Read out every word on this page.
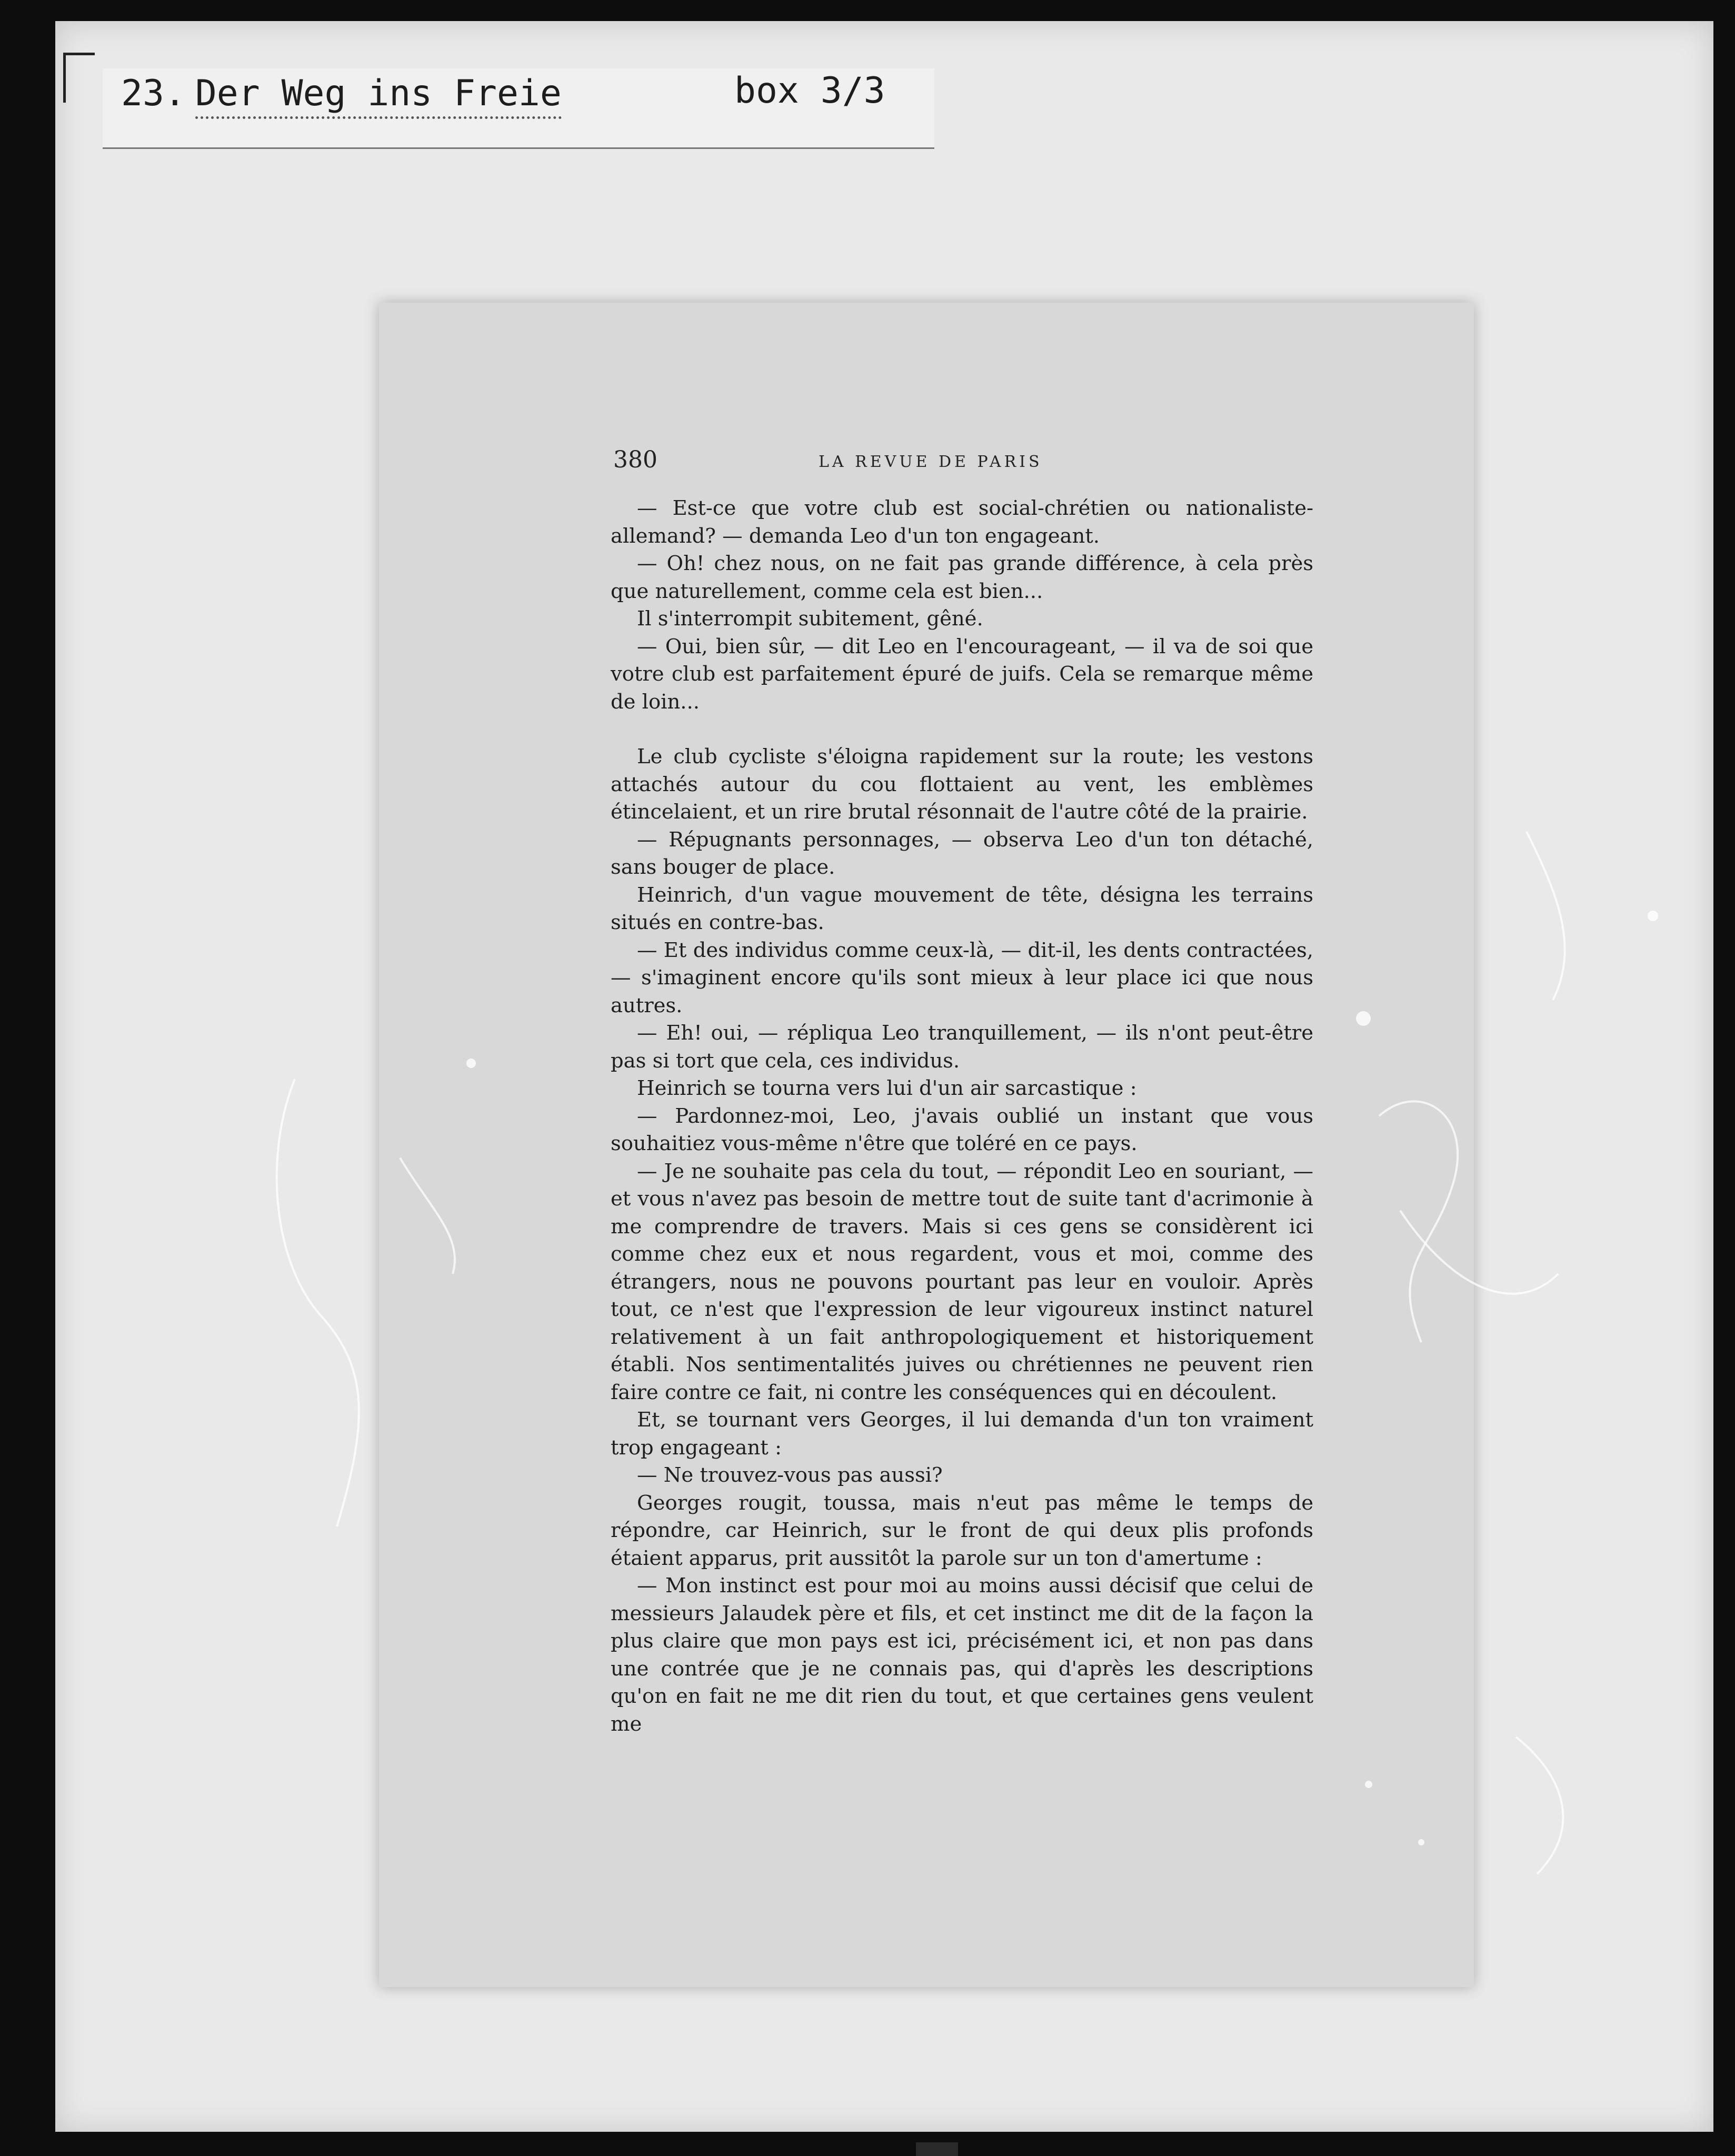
23. Der Weg ins Freie	box 3/3
380	LA REVUE DE PARIS

— Est-ce que votre club est social-chrétien ou nationaliste-allemand? — demanda Leo d'un ton engageant.

— Oh! chez nous, on ne fait pas grande différence, à cela près que naturellement, comme cela est bien...

Il s'interrompit subitement, gêné.

— Oui, bien sûr, — dit Leo en l'encourageant, — il va de soi que votre club est parfaitement épuré de juifs. Cela se remarque même de loin...

Le club cycliste s'éloigna rapidement sur la route; les vestons attachés autour du cou flottaient au vent, les emblèmes étincelaient, et un rire brutal résonnait de l'autre côté de la prairie.

— Répugnants personnages, — observa Leo d'un ton détaché, sans bouger de place.

Heinrich, d'un vague mouvement de tête, désigna les terrains situés en contre-bas.

— Et des individus comme ceux-là, — dit-il, les dents contractées, — s'imaginent encore qu'ils sont mieux à leur place ici que nous autres.

— Eh! oui, — répliqua Leo tranquillement, — ils n'ont peut-être pas si tort que cela, ces individus.

Heinrich se tourna vers lui d'un air sarcastique :

— Pardonnez-moi, Leo, j'avais oublié un instant que vous souhaitiez vous-même n'être que toléré en ce pays.

— Je ne souhaite pas cela du tout, — répondit Leo en souriant, — et vous n'avez pas besoin de mettre tout de suite tant d'acrimonie à me comprendre de travers. Mais si ces gens se considèrent ici comme chez eux et nous regardent, vous et moi, comme des étrangers, nous ne pouvons pourtant pas leur en vouloir. Après tout, ce n'est que l'expression de leur vigoureux instinct naturel relativement à un fait anthropologiquement et historiquement établi. Nos sentimentalités juives ou chrétiennes ne peuvent rien faire contre ce fait, ni contre les conséquences qui en découlent.

Et, se tournant vers Georges, il lui demanda d'un ton vraiment trop engageant :

— Ne trouvez-vous pas aussi?

Georges rougit, toussa, mais n'eut pas même le temps de répondre, car Heinrich, sur le front de qui deux plis profonds étaient apparus, prit aussitôt la parole sur un ton d'amertume :

— Mon instinct est pour moi au moins aussi décisif que celui de messieurs Jalaudek père et fils, et cet instinct me dit de la façon la plus claire que mon pays est ici, précisément ici, et non pas dans une contrée que je ne connais pas, qui d'après les descriptions qu'on en fait ne me dit rien du tout, et que certaines gens veulent me
